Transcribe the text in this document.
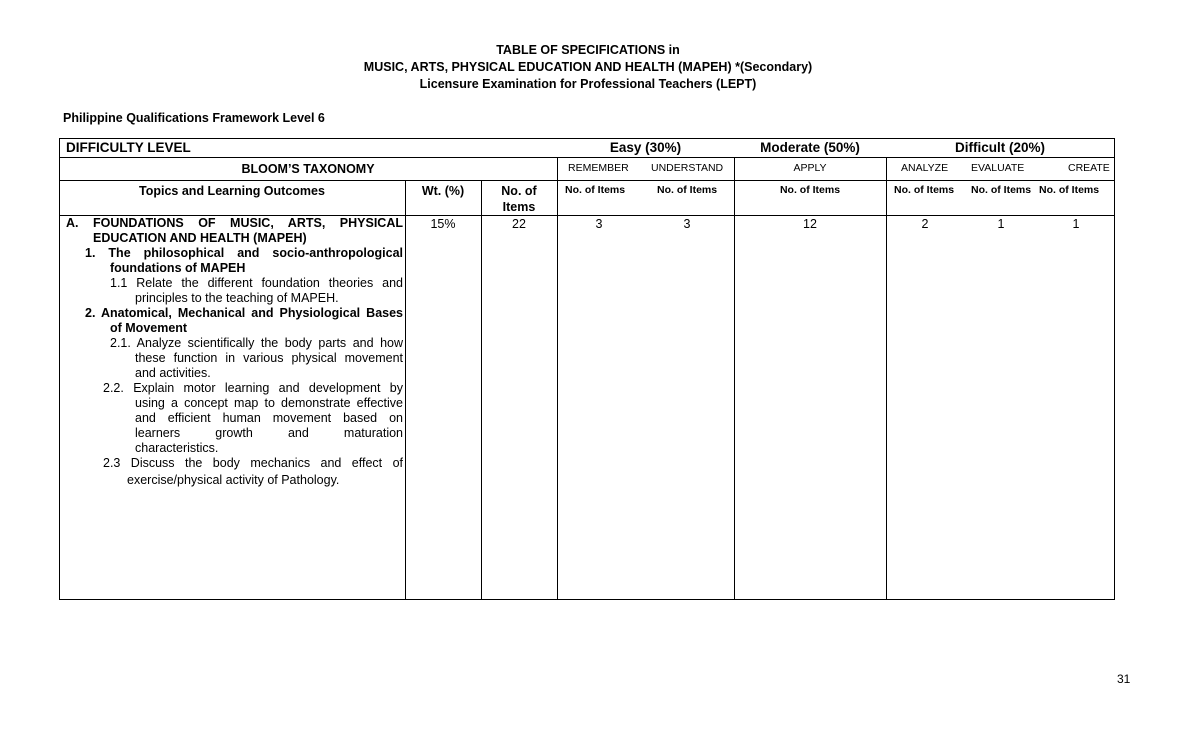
TABLE OF SPECIFICATIONS in
MUSIC, ARTS, PHYSICAL EDUCATION AND HEALTH (MAPEH) *(Secondary)
Licensure Examination for Professional Teachers (LEPT)
Philippine Qualifications Framework Level 6
DIFFICULTY LEVEL	Easy (30%)	Moderate (50%)	Difficult (20%)
BLOOM’S TAXONOMY	REMEMBER UNDERSTAND	APPLY	ANALYZE EVALUATE	CREATE
Topics and Learning Outcomes	Wt. (%)	No. of
Items
No. of Items	No. of Items	No. of Items	No. of Items No. of Items No. of Items
A. FOUNDATIONS OF MUSIC, ARTS, PHYSICAL
EDUCATION AND HEALTH (MAPEH)
1. The philosophical and socio-anthropological
foundations of MAPEH
1.1 Relate the different foundation theories and
principles to the teaching of MAPEH.
2. Anatomical, Mechanical and Physiological Bases
of Movement
2.1. Analyze scientifically the body parts and how
these function in various physical movement
and activities.
2.2. Explain motor learning and development by
using a concept map to demonstrate effective
and efficient human movement based on
learners growth and maturation
characteristics.
2.3 Discuss the body mechanics and effect of
exercise/physical activity of Pathology.
15%	22	3	3	12	2	1	1
31
